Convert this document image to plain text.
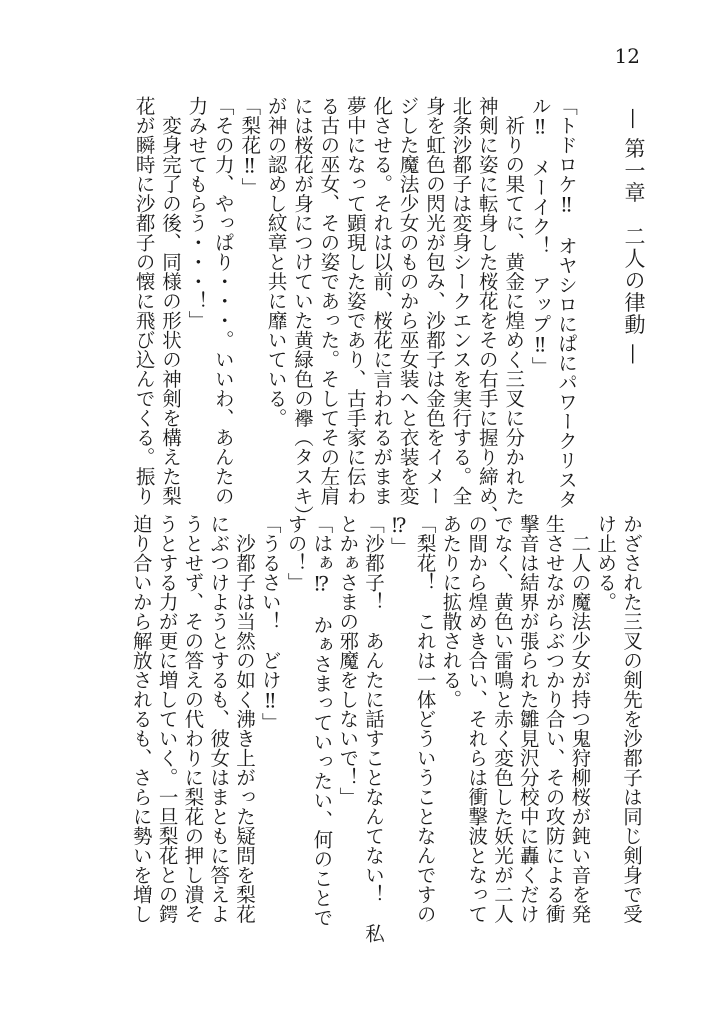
12
— 第一章　二人の律動 —
「トドロケ‼　オヤシロにぱにパワークリスタ
ル‼　メーイク！　アップ‼」
　祈りの果てに、黄金に煌めく三叉に分かれた
神剣に姿に転身した桜花をその右手に握り締め、
北条沙都子は変身シークエンスを実行する。全
身を虹色の閃光が包み、沙都子は金色をイメー
ジした魔法少女のものから巫女装へと衣装を変
化させる。それは以前、桜花に言われるがまま
夢中になって顕現した姿であり、古手家に伝わ
る古の巫女、その姿であった。そしてその左肩
には桜花が身につけていた黄緑色の襷（タスキ）
が神の認めし紋章と共に靡いている。
「梨花‼」
「その力、やっぱり・・・。いいわ、あんたの
力みせてもらう・・・！」
　変身完了の後、同様の形状の神剣を構えた梨
花が瞬時に沙都子の懐に飛び込んでくる。振り
かざされた三叉の剣先を沙都子は同じ剣身で受
け止める。
　二人の魔法少女が持つ鬼狩柳桜が鈍い音を発
生させながらぶつかり合い、その攻防による衝
撃音は結界が張られた雛見沢分校中に轟くだけ
でなく、黄色い雷鳴と赤く変色した妖光が二人
の間から煌めき合い、それらは衝撃波となって
あたりに拡散される。
「梨花！　これは一体どういうことなんですの
⁉」
「沙都子！　あんたに話すことなんてない！　私
とかぁさまの邪魔をしないで！」
「はぁ⁉　かぁさまっていったい、何のことで
すの！」
「うるさい！　どけ‼」
　沙都子は当然の如く沸き上がった疑問を梨花
にぶつけようとするも、彼女はまともに答えよ
うとせず、その答えの代わりに梨花の押し潰そ
うとする力が更に増していく。一旦梨花との鍔
迫り合いから解放されるも、さらに勢いを増し
